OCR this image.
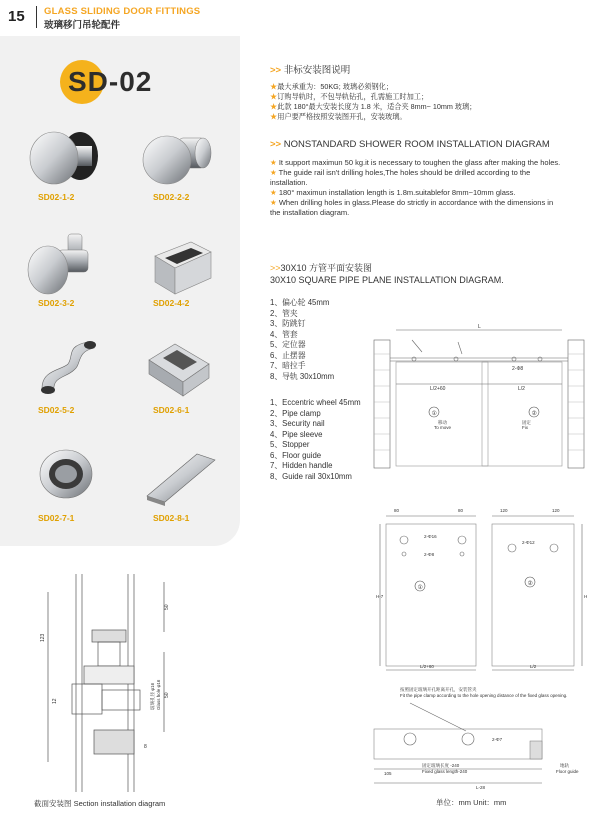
15 GLASS SLIDING DOOR FITTINGS
玻璃移门吊轮配件
SD-02
SD02-1-2	SD02-2-2
SD02-3-2	SD02-4-2
SD02-5-2	SD02-6-1
SD02-7-1	SD02-8-1
>> 非标安装图说明
★最大承重为：50KG; 玻璃必须钢化；
★订购导轨时，不包导轨钻孔，孔需施工时加工；
★此款 180°最大安装长度为 1.8 米，适合夹 8mm~ 10mm 玻璃；
★用户要严格按照安装图开孔，安装玻璃。
>> NONSTANDARD SHOWER ROOM INSTALLATION DIAGRAM
★ It support maximun 50 kg.it is necessary to toughen the glass after making the holes.
★ The guide rail isn't drilling holes,The holes should be drilled according to the installation.
★ 180° maximun installation length is 1.8m.suitablefor 8mm~10mm glass.
★ When drilling holes in glass.Please do strictly in accordance with the dimensions in the installation diagram.
>>30X10 方管平面安装图
30X10 SQUARE PIPE PLANE INSTALLATION DIAGRAM.
1、偏心轮 45mm
2、管夹
3、防跳钉
4、管套
5、定位器
6、止摆器
7、暗拉手
8、导轨 30x10mm
1、Eccentric wheel 45mm
2、Pipe clamp
3、Security nail
4、Pipe sleeve
5、Stopper
6、Floor guide
7、Hidden handle
8、Guide rail 30x10mm
L
L/2+60	L/2
2-Φ8
①
移动
To move
②
固定
Fix
80	80	120	120
2-Φ16
2-Φ8
2-Φ12
H-7	H
①
②
L/2+60	L/2
按照固定玻璃开孔距离开孔，安装管夹
Fit the pipe clamp according to the hole opening distance of the fixed glass opening.
2-Φ7
105
固定玻璃长度 -240
Fixed glass length-240
L-28
地轨
Floor guide
123
12
50
50
玻璃孔径 φ16 Glass hole φ16
8
截面安装图 Section installation diagram	单位：mm Unit：mm
